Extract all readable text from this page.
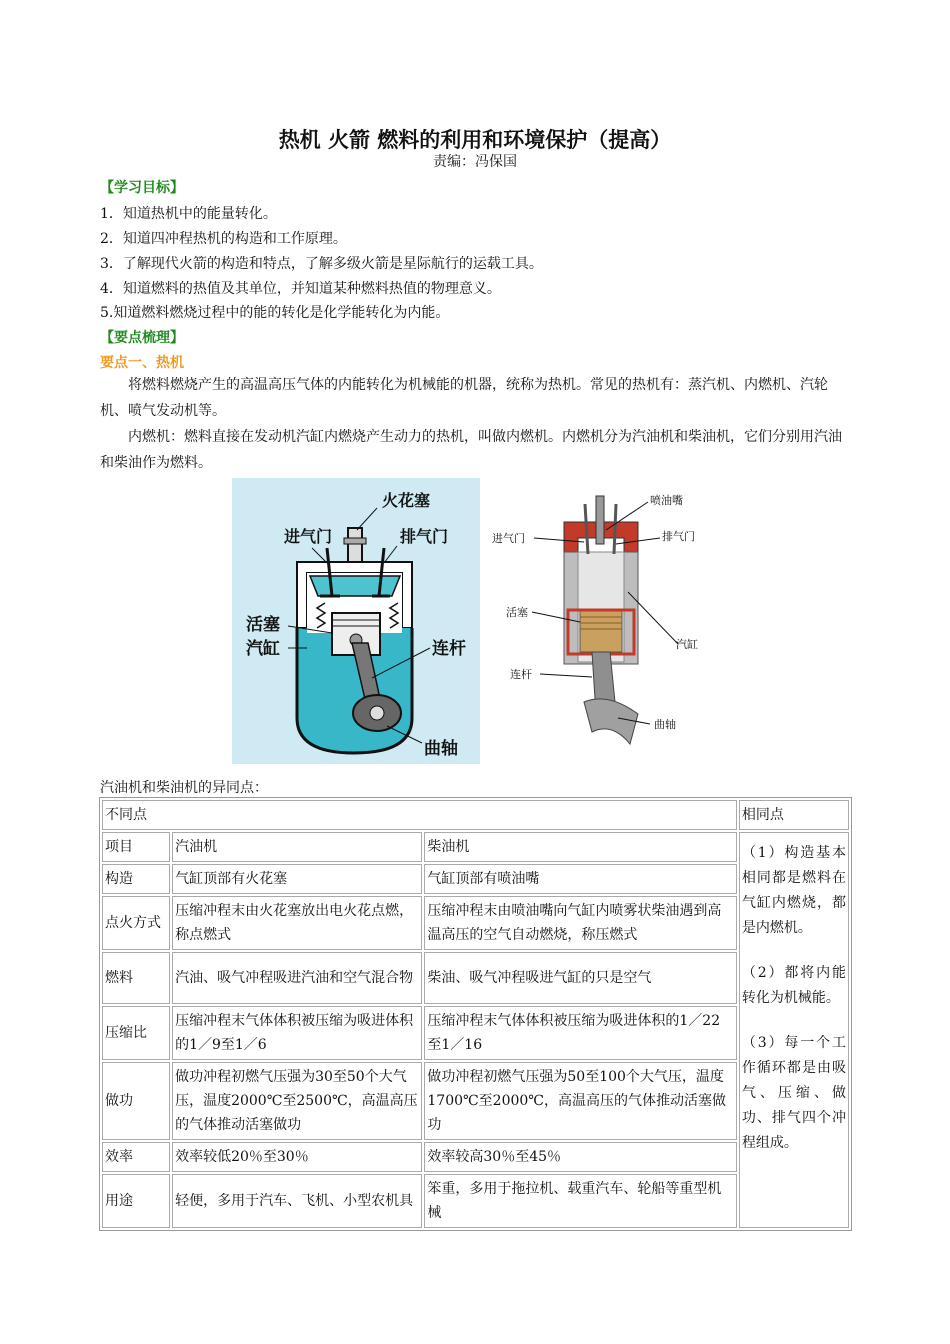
热机 火箭 燃料的利用和环境保护（提高）
责编：冯保国
【学习目标】
1．知道热机中的能量转化。
2．知道四冲程热机的构造和工作原理。
3．了解现代火箭的构造和特点，了解多级火箭是星际航行的运载工具。
4．知道燃料的热值及其单位，并知道某种燃料热值的物理意义。
5.知道燃料燃烧过程中的能的转化是化学能转化为内能。
【要点梳理】
要点一、热机
将燃料燃烧产生的高温高压气体的内能转化为机械能的机器，统称为热机。常见的热机有：蒸汽机、内燃机、汽轮机、喷气发动机等。
内燃机：燃料直接在发动机汽缸内燃烧产生动力的热机，叫做内燃机。内燃机分为汽油机和柴油机，它们分别用汽油和柴油作为燃料。
火花塞
进气门	排气门
活塞
汽缸	连杆
曲轴
喷油嘴
进气门	排气门
活塞
汽缸
连杆
曲轴
汽油机和柴油机的异同点：
不同点			相同点
项目	汽油机	柴油机	（1）构造基本相同都是燃料在气缸内燃烧，都是内燃机。

（2）都将内能转化为机械能。

（3）每一个工作循环都是由吸气、压缩、做功、排气四个冲程组成。

构造	气缸顶部有火花塞	气缸顶部有喷油嘴	
点火方式	压缩冲程末由火花塞放出电火花点燃，称点燃式	压缩冲程末由喷油嘴向气缸内喷雾状柴油遇到高温高压的空气自动燃烧，称压燃式	
燃料	汽油、吸气冲程吸进汽油和空气混合物	柴油、吸气冲程吸进气缸的只是空气	
压缩比	压缩冲程末气体体积被压缩为吸进体积的1／9至1／6	压缩冲程末气体体积被压缩为吸进体积的1／22至1／16	
做功	做功冲程初燃气压强为30至50个大气压，温度2000℃至2500℃，高温高压的气体推动活塞做功	做功冲程初燃气压强为50至100个大气压，温度1700℃至2000℃，高温高压的气体推动活塞做功	
效率	效率较低20％至30％	效率较高30％至45％	
用途	轻便，多用于汽车、飞机、小型农机具	笨重，多用于拖拉机、载重汽车、轮船等重型机械	
